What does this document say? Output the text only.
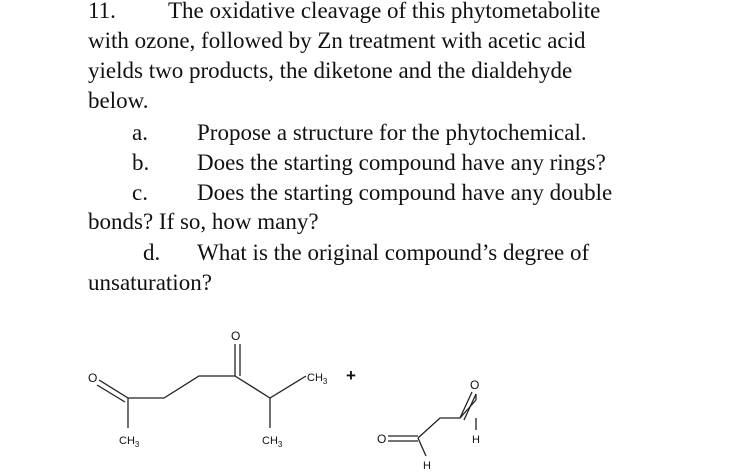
11. The oxidative cleavage of this phytometabolite
with ozone, followed by Zn treatment with acetic acid
yields two products, the diketone and the dialdehyde
below.
a. Propose a structure for the phytochemical.
b. Does the starting compound have any rings?
c. Does the starting compound have any double
bonds? If so, how many?
d. What is the original compound’s degree of
unsaturation?
O
O
$CH_3$	$CH_3$
$CH_3$ +
O
O
H
H
